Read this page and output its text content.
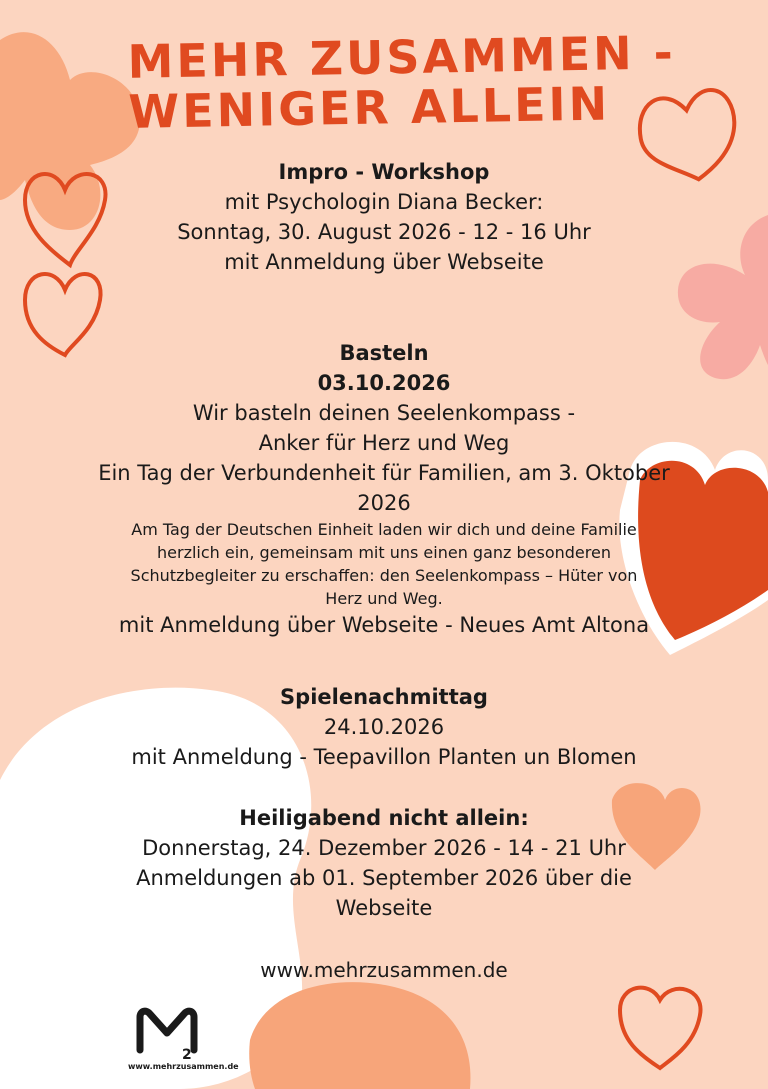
MEHR ZUSAMMEN -
WENIGER ALLEIN
Impro - Workshop
mit Psychologin Diana Becker:
Sonntag, 30. August 2026 - 12 - 16 Uhr
mit Anmeldung über Webseite
Basteln
03.10.2026
Wir basteln deinen Seelenkompass -
Anker für Herz und Weg
Ein Tag der Verbundenheit für Familien, am 3. Oktober
2026
Am Tag der Deutschen Einheit laden wir dich und deine Familie
herzlich ein, gemeinsam mit uns einen ganz besonderen
Schutzbegleiter zu erschaffen: den Seelenkompass – Hüter von
Herz und Weg.
mit Anmeldung über Webseite - Neues Amt Altona
Spielenachmittag
24.10.2026
mit Anmeldung - Teepavillon Planten un Blomen
Heiligabend nicht allein:
Donnerstag, 24. Dezember 2026 - 14 - 21 Uhr
Anmeldungen ab 01. September 2026 über die
Webseite
www.mehrzusammen.de
2
www.mehrzusammen.de
